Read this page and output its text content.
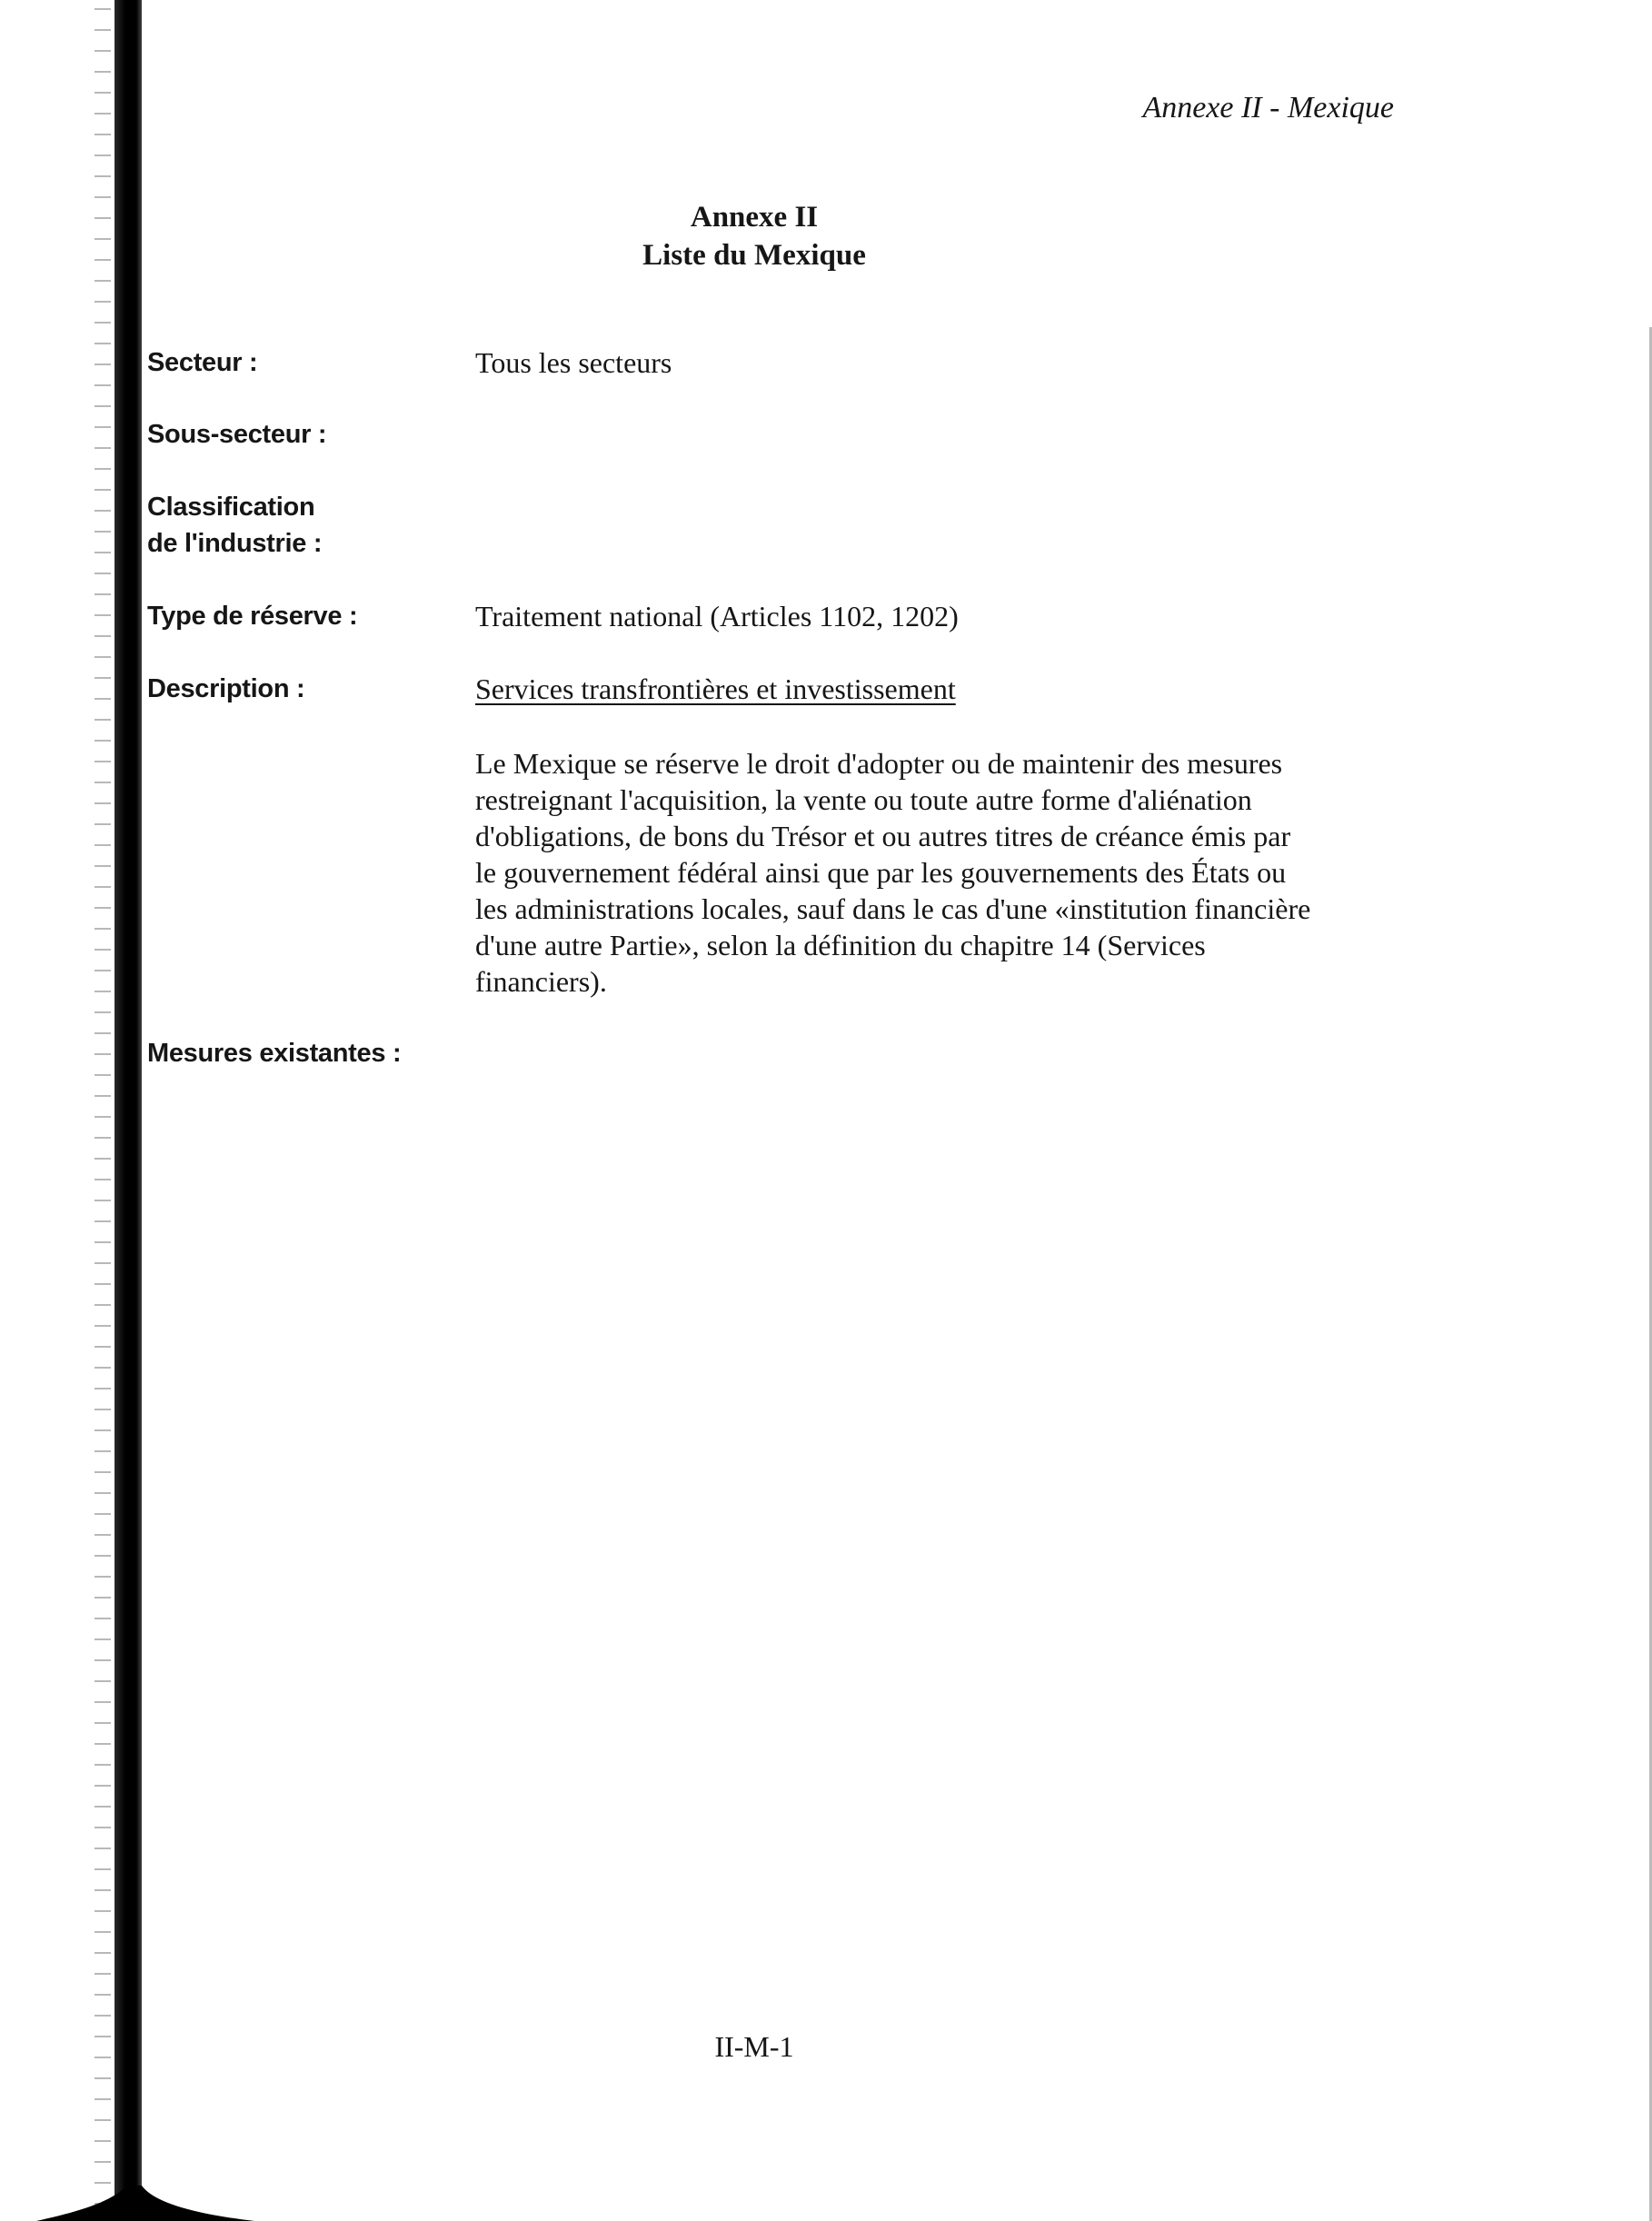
Annexe II - Mexique
Annexe II
Liste du Mexique
Secteur :	Tous les secteurs
Sous-secteur :
Classification
de l'industrie :
Type de réserve :	Traitement national (Articles 1102, 1202)
Description :	Services transfrontières et investissement
Le Mexique se réserve le droit d'adopter ou de maintenir des mesures
restreignant l'acquisition, la vente ou toute autre forme d'aliénation
d'obligations, de bons du Trésor et ou autres titres de créance émis par
le gouvernement fédéral ainsi que par les gouvernements des États ou
les administrations locales, sauf dans le cas d'une «institution financière
d'une autre Partie», selon la définition du chapitre 14 (Services
financiers).
Mesures existantes :
II-M-1
